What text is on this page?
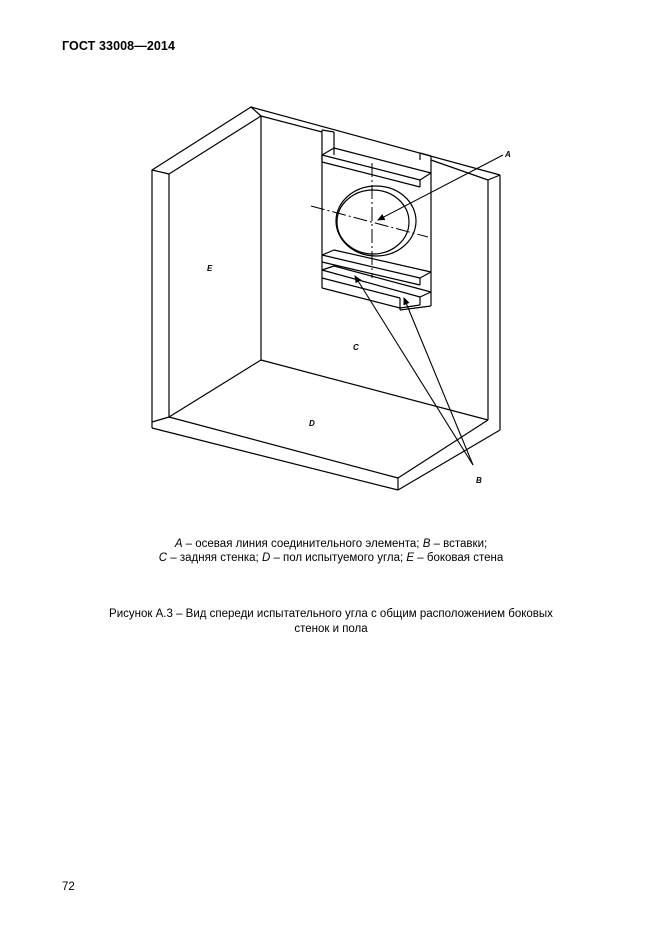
ГОСТ 33008—2014
A
B
C
D
E
A – осевая линия соединительного элемента; B – вставки;
C – задняя стенка; D – пол испытуемого угла; E – боковая стена
Рисунок А.3 – Вид спереди испытательного угла с общим расположением боковых
стенок и пола
72
